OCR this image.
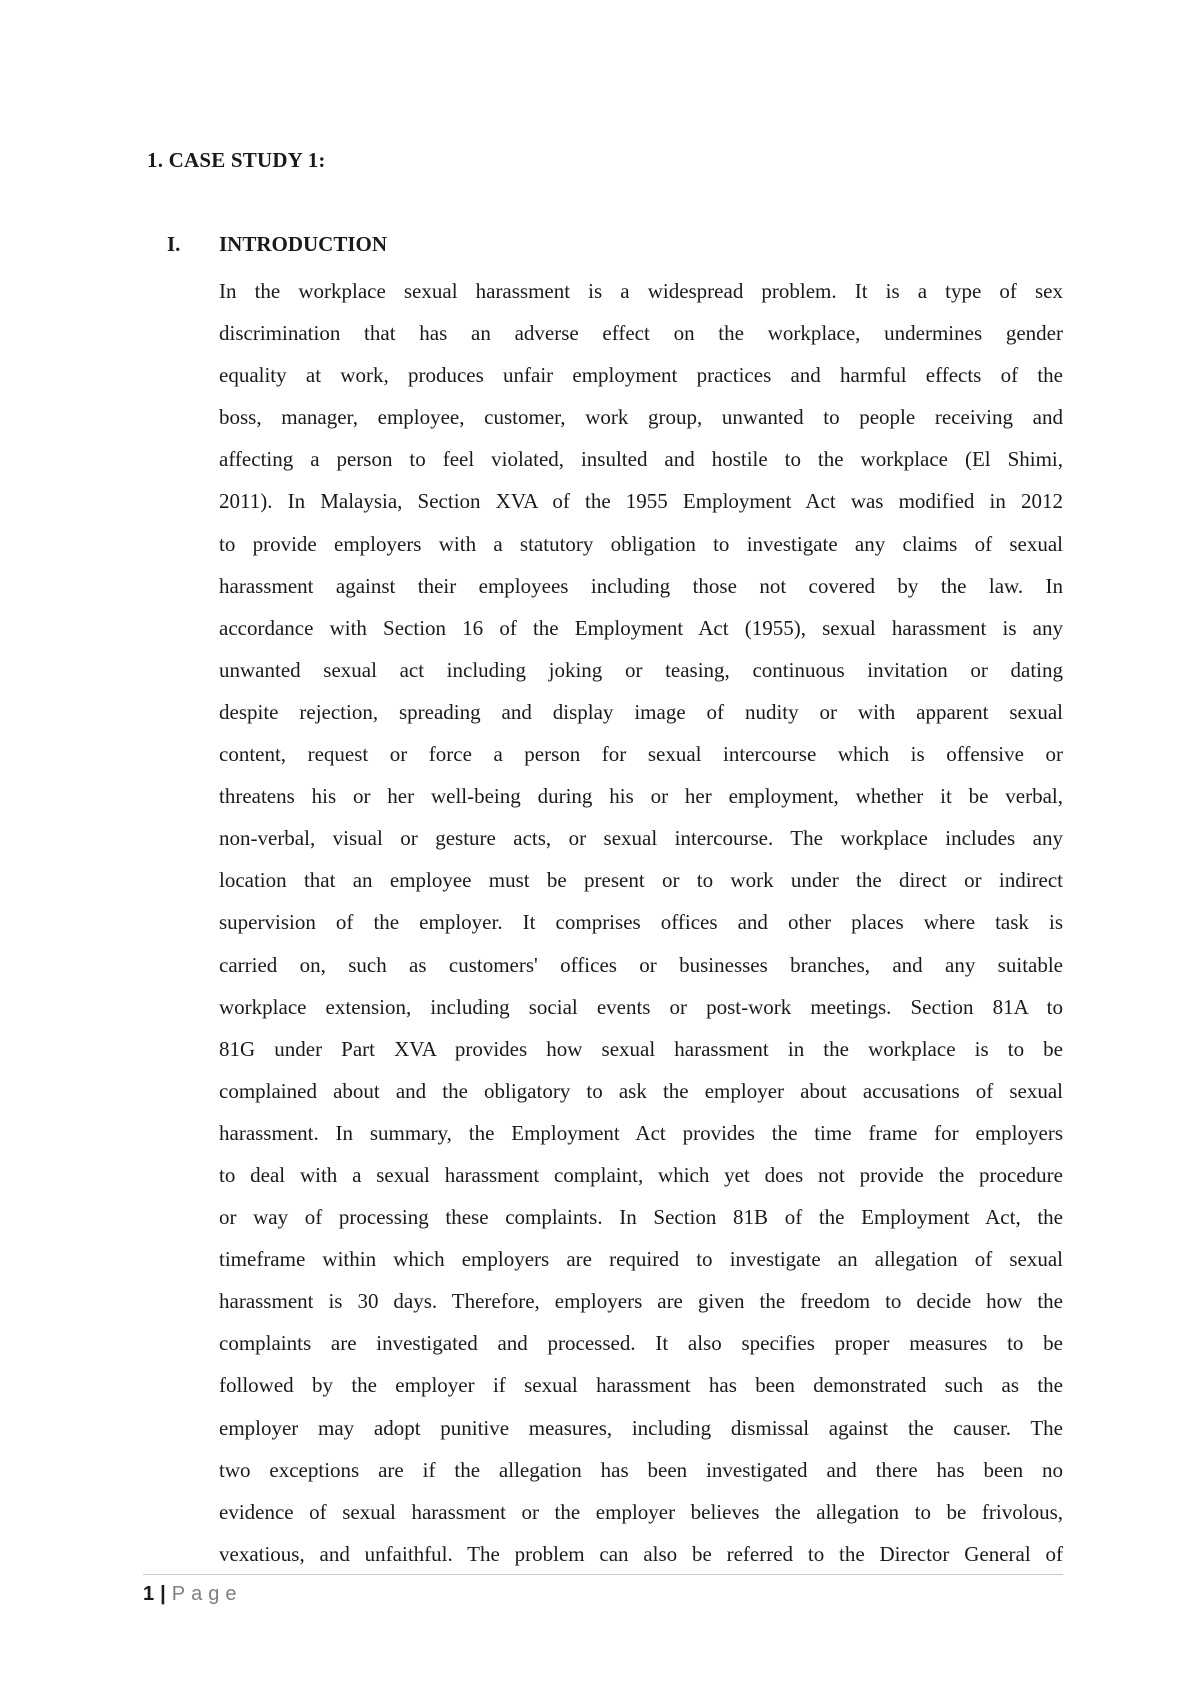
1. CASE STUDY 1:
I. INTRODUCTION
In the workplace sexual harassment is a widespread problem. It is a type of sex
discrimination that has an adverse effect on the workplace, undermines gender
equality at work, produces unfair employment practices and harmful effects of the
boss, manager, employee, customer, work group, unwanted to people receiving and
affecting a person to feel violated, insulted and hostile to the workplace (El Shimi,
2011). In Malaysia, Section XVA of the 1955 Employment Act was modified in 2012
to provide employers with a statutory obligation to investigate any claims of sexual
harassment against their employees including those not covered by the law. In
accordance with Section 16 of the Employment Act (1955), sexual harassment is any
unwanted sexual act including joking or teasing, continuous invitation or dating
despite rejection, spreading and display image of nudity or with apparent sexual
content, request or force a person for sexual intercourse which is offensive or
threatens his or her well-being during his or her employment, whether it be verbal,
non-verbal, visual or gesture acts, or sexual intercourse. The workplace includes any
location that an employee must be present or to work under the direct or indirect
supervision of the employer. It comprises offices and other places where task is
carried on, such as customers' offices or businesses branches, and any suitable
workplace extension, including social events or post-work meetings. Section 81A to
81G under Part XVA provides how sexual harassment in the workplace is to be
complained about and the obligatory to ask the employer about accusations of sexual
harassment. In summary, the Employment Act provides the time frame for employers
to deal with a sexual harassment complaint, which yet does not provide the procedure
or way of processing these complaints. In Section 81B of the Employment Act, the
timeframe within which employers are required to investigate an allegation of sexual
harassment is 30 days. Therefore, employers are given the freedom to decide how the
complaints are investigated and processed. It also specifies proper measures to be
followed by the employer if sexual harassment has been demonstrated such as the
employer may adopt punitive measures, including dismissal against the causer. The
two exceptions are if the allegation has been investigated and there has been no
evidence of sexual harassment or the employer believes the allegation to be frivolous,
vexatious, and unfaithful. The problem can also be referred to the Director General of
1 | Page
